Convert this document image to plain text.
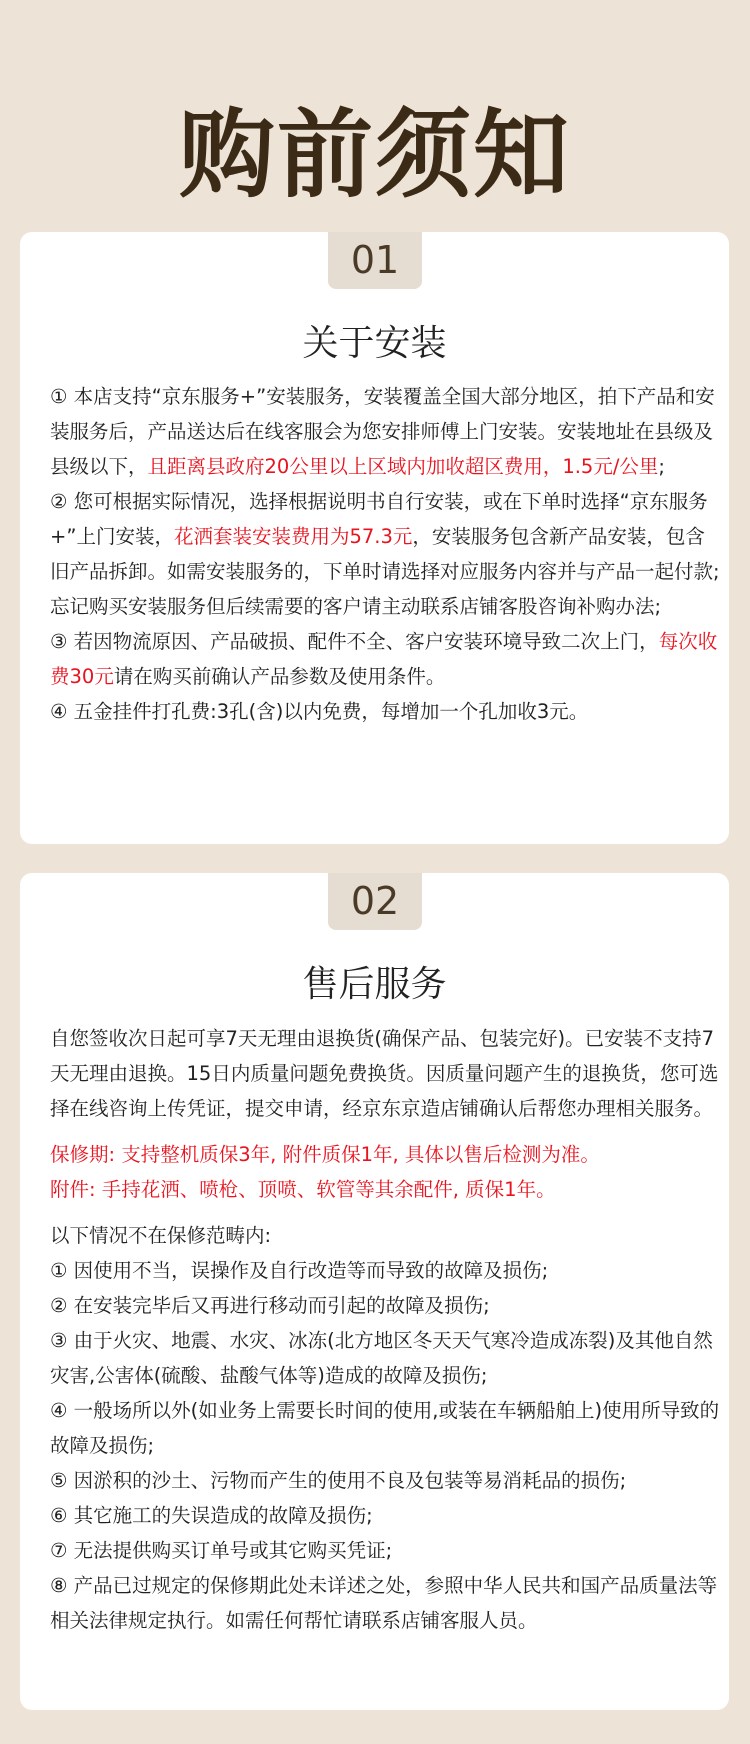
购前须知
01
关于安装

① 本店支持“京东服务+”安装服务，安装覆盖全国大部分地区，拍下产品和安装服务后，产品送达后在线客服会为您安排师傅上门安装。安装地址在县级及县级以下，且距离县政府20公里以上区域内加收超区费用，1.5元/公里;

② 您可根据实际情况，选择根据说明书自行安装，或在下单时选择“京东服务+”上门安装，花洒套装安装费用为57.3元，安装服务包含新产品安装，包含旧产品拆卸。如需安装服务的，下单时请选择对应服务内容并与产品一起付款;忘记购买安装服务但后续需要的客户请主动联系店铺客股咨询补购办法;

③ 若因物流原因、产品破损、配件不全、客户安装环境导致二次上门，每次收费30元请在购买前确认产品参数及使用条件。

④ 五金挂件打孔费:3孔(含)以内免费，每增加一个孔加收3元。

02
售后服务

自您签收次日起可享7天无理由退换货(确保产品、包装完好)。已安装不支持7天无理由退换。15日内质量问题免费换货。因质量问题产生的退换货，您可选择在线咨询上传凭证，提交申请，经京东京造店铺确认后帮您办理相关服务。

保修期: 支持整机质保3年, 附件质保1年, 具体以售后检测为准。

附件: 手持花洒、喷枪、顶喷、软管等其余配件, 质保1年。

以下情况不在保修范畴内:

① 因使用不当，误操作及自行改造等而导致的故障及损伤;

② 在安装完毕后又再进行移动而引起的故障及损伤;

③ 由于火灾、地震、水灾、冰冻(北方地区冬天天气寒冷造成冻裂)及其他自然灾害,公害体(硫酸、盐酸气体等)造成的故障及损伤;

④ 一般场所以外(如业务上需要长时间的使用,或装在车辆船舶上)使用所导致的故障及损伤;

⑤ 因淤积的沙土、污物而产生的使用不良及包装等易消耗品的损伤;

⑥ 其它施工的失误造成的故障及损伤;

⑦ 无法提供购买订单号或其它购买凭证;

⑧ 产品已过规定的保修期此处未详述之处，参照中华人民共和国产品质量法等相关法律规定执行。如需任何帮忙请联系店铺客服人员。
